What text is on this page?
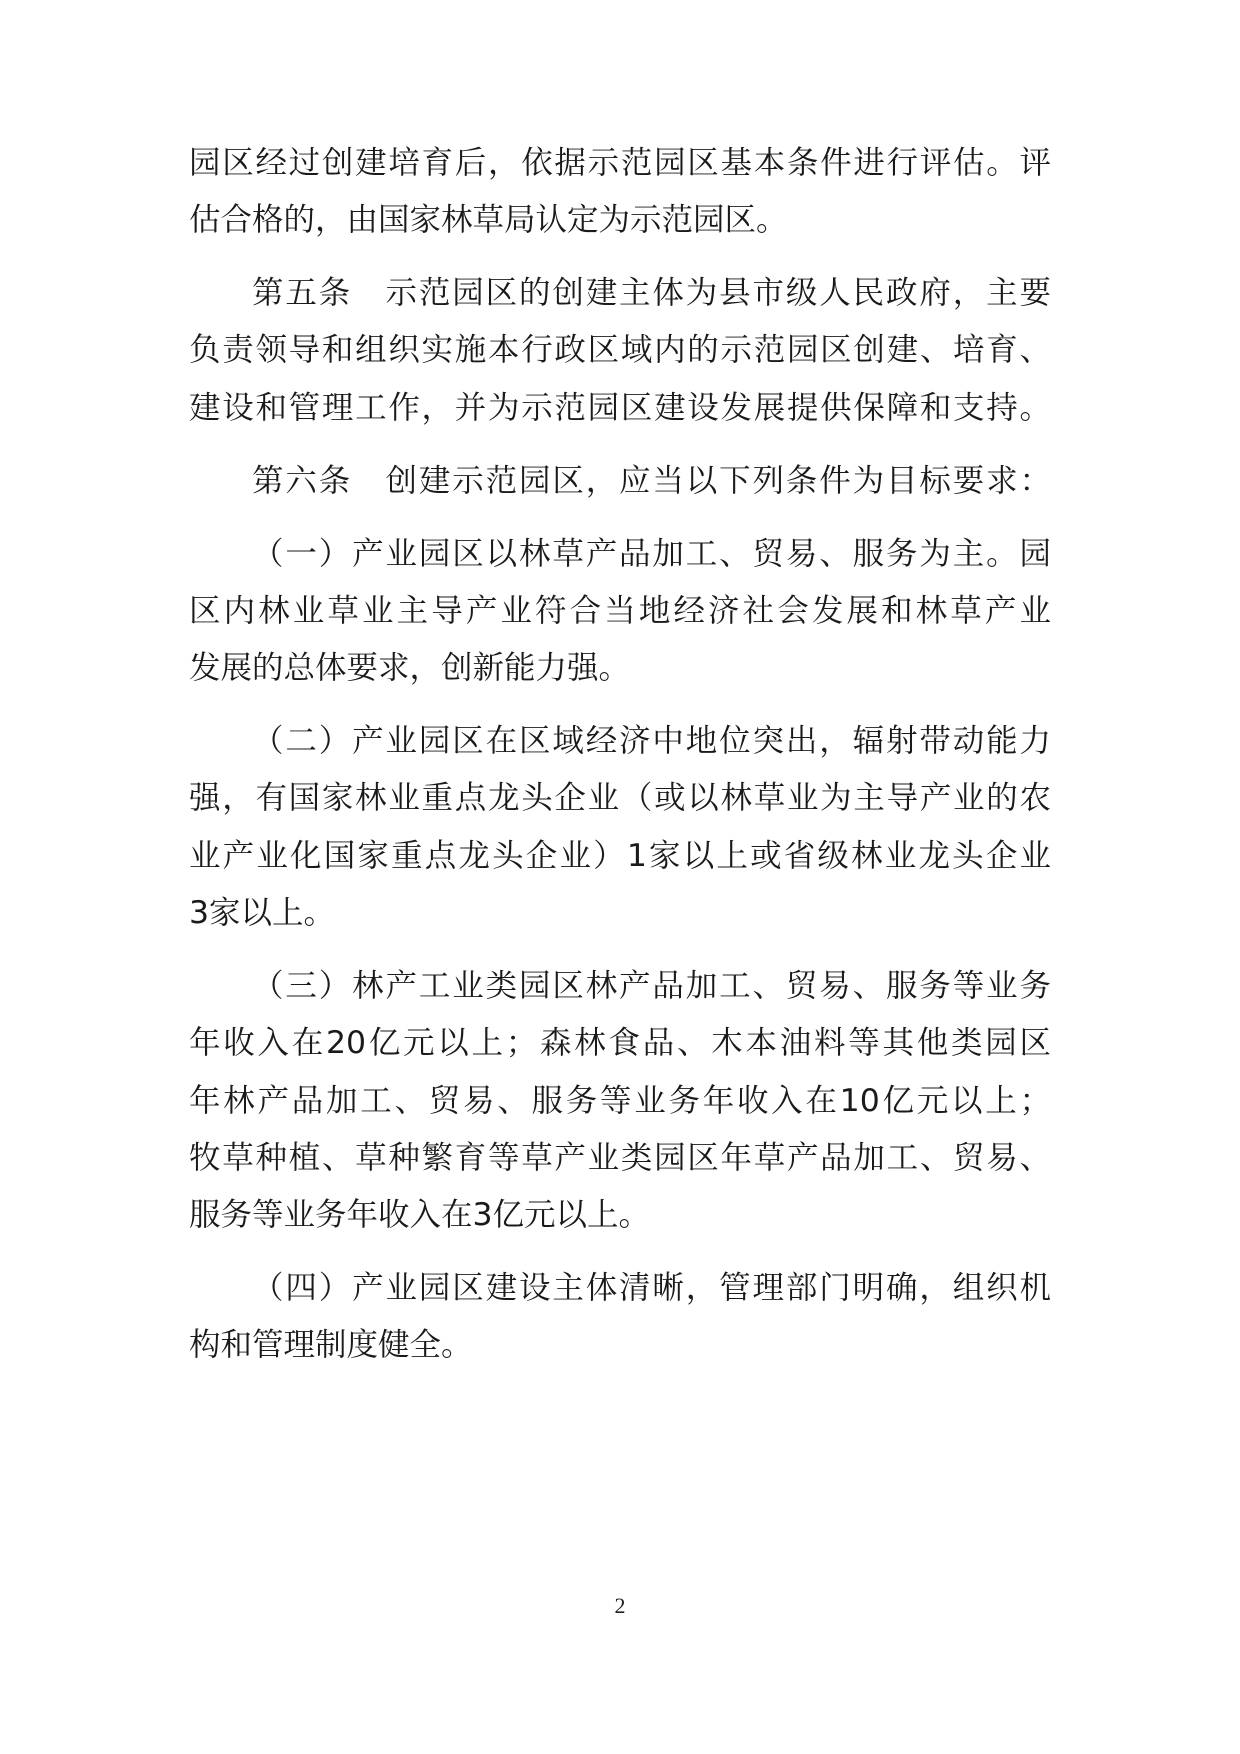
园区经过创建培育后，依据示范园区基本条件进行评估。评
估合格的，由国家林草局认定为示范园区。
第五条　示范园区的创建主体为县市级人民政府，主要
负责领导和组织实施本行政区域内的示范园区创建、培育、
建设和管理工作，并为示范园区建设发展提供保障和支持。
第六条　创建示范园区，应当以下列条件为目标要求：
（一）产业园区以林草产品加工、贸易、服务为主。园
区内林业草业主导产业符合当地经济社会发展和林草产业
发展的总体要求，创新能力强。
（二）产业园区在区域经济中地位突出，辐射带动能力
强，有国家林业重点龙头企业（或以林草业为主导产业的农
业产业化国家重点龙头企业）1家以上或省级林业龙头企业
3家以上。
（三）林产工业类园区林产品加工、贸易、服务等业务
年收入在20亿元以上；森林食品、木本油料等其他类园区
年林产品加工、贸易、服务等业务年收入在10亿元以上；
牧草种植、草种繁育等草产业类园区年草产品加工、贸易、
服务等业务年收入在3亿元以上。
（四）产业园区建设主体清晰，管理部门明确，组织机
构和管理制度健全。
2
